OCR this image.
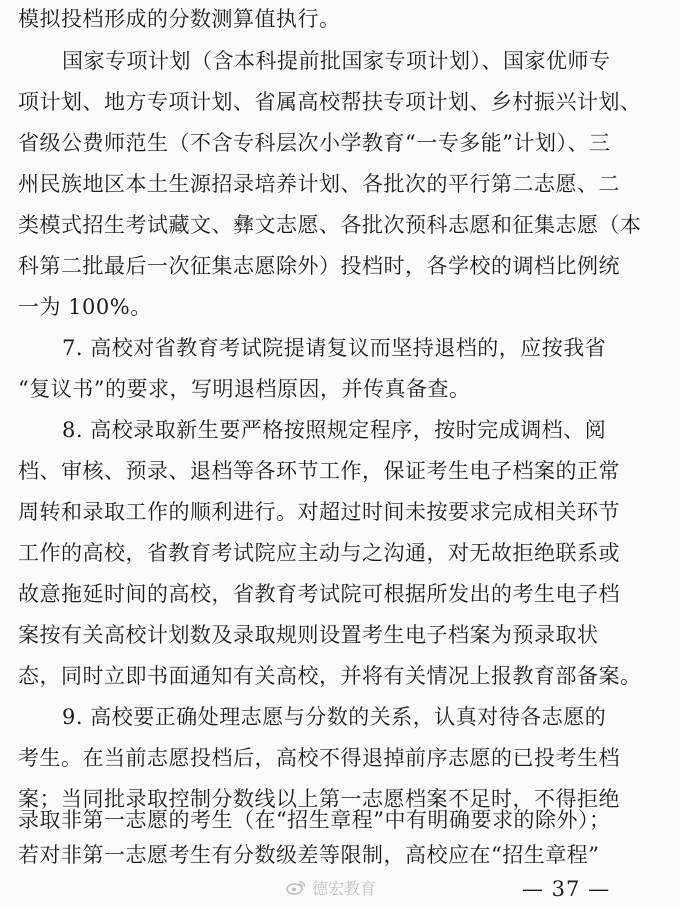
模拟投档形成的分数测算值执行。

国家专项计划（含本科提前批国家专项计划）、国家优师专

项计划、地方专项计划、省属高校帮扶专项计划、乡村振兴计划、

省级公费师范生（不含专科层次小学教育“一专多能”计划）、三

州民族地区本土生源招录培养计划、各批次的平行第二志愿、二

类模式招生考试藏文、彝文志愿、各批次预科志愿和征集志愿（本

科第二批最后一次征集志愿除外）投档时，各学校的调档比例统

一为 100%。

7. 高校对省教育考试院提请复议而坚持退档的，应按我省

“复议书”的要求，写明退档原因，并传真备查。

8. 高校录取新生要严格按照规定程序，按时完成调档、阅

档、审核、预录、退档等各环节工作，保证考生电子档案的正常

周转和录取工作的顺利进行。对超过时间未按要求完成相关环节

工作的高校，省教育考试院应主动与之沟通，对无故拒绝联系或

故意拖延时间的高校，省教育考试院可根据所发出的考生电子档

案按有关高校计划数及录取规则设置考生电子档案为预录取状

态，同时立即书面通知有关高校，并将有关情况上报教育部备案。

9. 高校要正确处理志愿与分数的关系，认真对待各志愿的

考生。在当前志愿投档后，高校不得退掉前序志愿的已投考生档

案；当同批录取控制分数线以上第一志愿档案不足时，不得拒绝

录取非第一志愿的考生（在“招生章程”中有明确要求的除外）；

若对非第一志愿考生有分数级差等限制，高校应在“招生章程”

德宏教育	— 37 —
